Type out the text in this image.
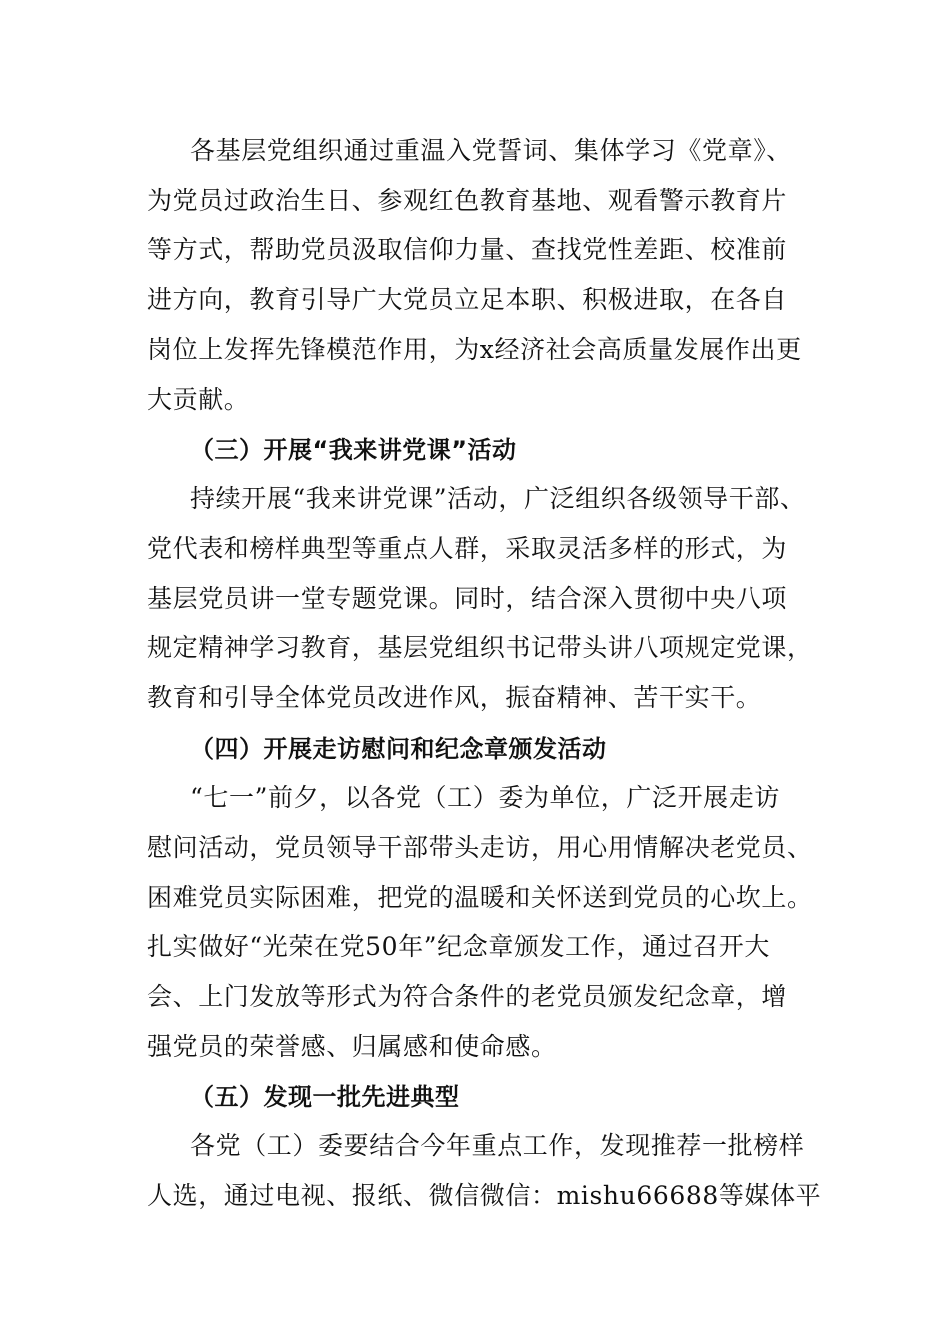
各基层党组织通过重温入党誓词、集体学习《党章》、
为党员过政治生日、参观红色教育基地、观看警示教育片
等方式，帮助党员汲取信仰力量、查找党性差距、校准前
进方向，教育引导广大党员立足本职、积极进取，在各自
岗位上发挥先锋模范作用，为x经济社会高质量发展作出更
大贡献。
（三）开展“我来讲党课”活动
持续开展“我来讲党课”活动，广泛组织各级领导干部、
党代表和榜样典型等重点人群，采取灵活多样的形式，为
基层党员讲一堂专题党课。同时，结合深入贯彻中央八项
规定精神学习教育，基层党组织书记带头讲八项规定党课，
教育和引导全体党员改进作风，振奋精神、苦干实干。
（四）开展走访慰问和纪念章颁发活动
“七一”前夕，以各党（工）委为单位，广泛开展走访
慰问活动，党员领导干部带头走访，用心用情解决老党员、
困难党员实际困难，把党的温暖和关怀送到党员的心坎上。
扎实做好“光荣在党50年”纪念章颁发工作，通过召开大
会、上门发放等形式为符合条件的老党员颁发纪念章，增
强党员的荣誉感、归属感和使命感。
（五）发现一批先进典型
各党（工）委要结合今年重点工作，发现推荐一批榜样
人选，通过电视、报纸、微信微信：mishu66688等媒体平
